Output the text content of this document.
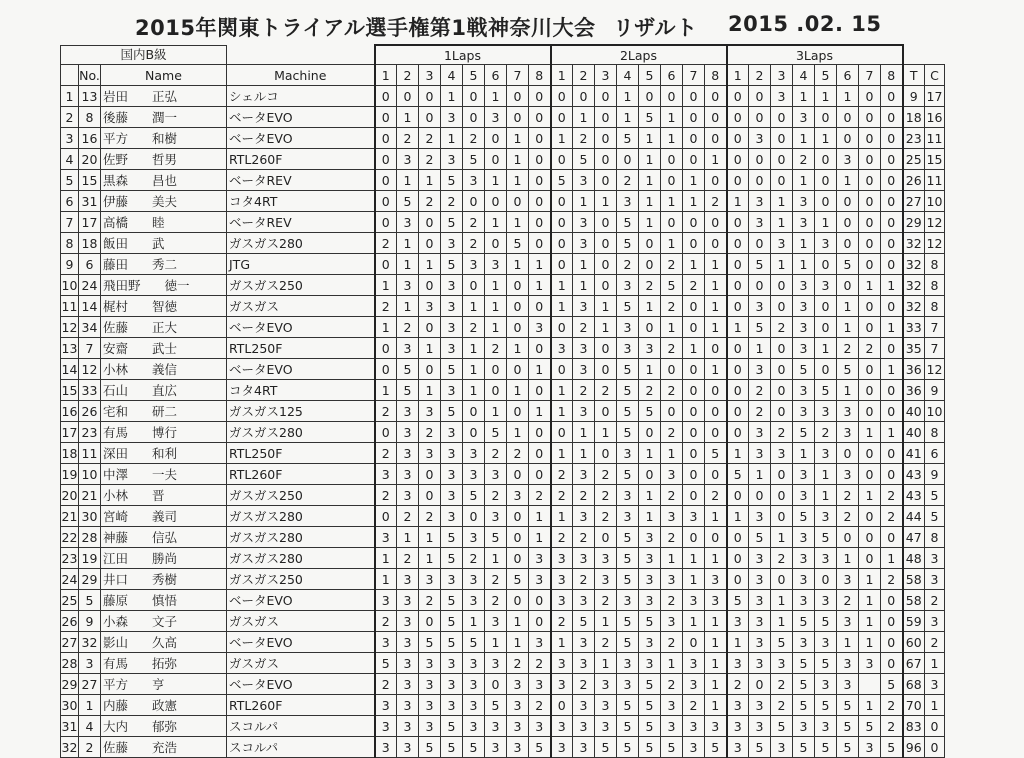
2015年関東トライアル選手権第1戦神奈川大会 リザルト 2015 .02. 15
国内B級				1Laps								2Laps								3Laps									
	No.	Name	Machine	1	2	3	4	5	6	7	8	1	2	3	4	5	6	7	8	1	2	3	4	5	6	7	8	T	C
1	13	岩田 正弘	シェルコ	0	0	0	1	0	1	0	0	0	0	0	1	0	0	0	0	0	0	3	1	1	1	0	0	9	17
2	8	後藤 潤一	ベータEVO	0	1	0	3	0	3	0	0	0	1	0	1	5	1	0	0	0	0	0	3	0	0	0	0	18	16
3	16	平方 和樹	ベータEVO	0	2	2	1	2	0	1	0	1	2	0	5	1	1	0	0	0	3	0	1	1	0	0	0	23	11
4	20	佐野 哲男	RTL260F	0	3	2	3	5	0	1	0	0	5	0	0	1	0	0	1	0	0	0	2	0	3	0	0	25	15
5	15	黒森 昌也	ベータREV	0	1	1	5	3	1	1	0	5	3	0	2	1	0	1	0	0	0	0	1	0	1	0	0	26	11
6	31	伊藤 美夫	コタ4RT	0	5	2	2	0	0	0	0	0	1	1	3	1	1	1	2	1	3	1	3	0	0	0	0	27	10
7	17	高橋 睦	ベータREV	0	3	0	5	2	1	1	0	0	3	0	5	1	0	0	0	0	3	1	3	1	0	0	0	29	12
8	18	飯田 武	ガスガス280	2	1	0	3	2	0	5	0	0	3	0	5	0	1	0	0	0	0	3	1	3	0	0	0	32	12
9	6	藤田 秀二	JTG	0	1	1	5	3	3	1	1	0	1	0	2	0	2	1	1	0	5	1	1	0	5	0	0	32	8
10	24	飛田野 徳一	ガスガス250	1	3	0	3	0	1	0	1	1	1	0	3	2	5	2	1	0	0	0	3	3	0	1	1	32	8
11	14	梶村 智徳	ガスガス	2	1	3	3	1	1	0	0	1	3	1	5	1	2	0	1	0	3	0	3	0	1	0	0	32	8
12	34	佐藤 正大	ベータEVO	1	2	0	3	2	1	0	3	0	2	1	3	0	1	0	1	1	5	2	3	0	1	0	1	33	7
13	7	安齋 武士	RTL250F	0	3	1	3	1	2	1	0	3	3	0	3	3	2	1	0	0	1	0	3	1	2	2	0	35	7
14	12	小林 義信	ベータEVO	0	5	0	5	1	0	0	1	0	3	0	5	1	0	0	1	0	3	0	5	0	5	0	1	36	12
15	33	石山 直広	コタ4RT	1	5	1	3	1	0	1	0	1	2	2	5	2	2	0	0	0	2	0	3	5	1	0	0	36	9
16	26	宅和 研二	ガスガス125	2	3	3	5	0	1	0	1	1	3	0	5	5	0	0	0	0	2	0	3	3	3	0	0	40	10
17	23	有馬 博行	ガスガス280	0	3	2	3	0	5	1	0	0	1	1	5	0	2	0	0	0	3	2	5	2	3	1	1	40	8
18	11	深田 和利	RTL250F	2	3	3	3	3	2	2	0	1	1	0	3	1	1	0	5	1	3	3	1	3	0	0	0	41	6
19	10	中澤 一夫	RTL260F	3	3	0	3	3	3	0	0	2	3	2	5	0	3	0	0	5	1	0	3	1	3	0	0	43	9
20	21	小林 晋	ガスガス250	2	3	0	3	5	2	3	2	2	2	2	3	1	2	0	2	0	0	0	3	1	2	1	2	43	5
21	30	宮崎 義司	ガスガス280	0	2	2	3	0	3	0	1	1	3	2	3	1	3	3	1	1	3	0	5	3	2	0	2	44	5
22	28	神藤 信弘	ガスガス280	3	1	1	5	3	5	0	1	2	2	0	5	3	2	0	0	0	5	1	3	5	0	0	0	47	8
23	19	江田 勝尚	ガスガス280	1	2	1	5	2	1	0	3	3	3	3	5	3	1	1	1	0	3	2	3	3	1	0	1	48	3
24	29	井口 秀樹	ガスガス250	1	3	3	3	3	2	5	3	3	2	3	5	3	3	1	3	0	3	0	3	0	3	1	2	58	3
25	5	藤原 慎悟	ベータEVO	3	3	2	5	3	2	0	0	3	3	2	3	3	2	3	3	5	3	1	3	3	2	1	0	58	2
26	9	小森 文子	ガスガス	2	3	0	5	1	3	1	0	2	5	1	5	5	3	1	1	3	3	1	5	5	3	1	0	59	3
27	32	影山 久高	ベータEVO	3	3	5	5	5	1	1	3	1	3	2	5	3	2	0	1	1	3	5	3	3	1	1	0	60	2
28	3	有馬 拓弥	ガスガス	5	3	3	3	3	3	2	2	3	3	1	3	3	1	3	1	3	3	3	5	5	3	3	0	67	1
29	27	平方 亨	ベータEVO	2	3	3	3	3	0	3	3	3	2	3	3	5	2	3	1	2	0	2	5	3	3		5	68	3
30	1	内藤 政憲	RTL260F	3	3	3	3	3	5	3	2	0	3	3	5	5	3	2	1	3	3	2	5	5	5	1	2	70	1
31	4	大内 郁弥	スコルパ	3	3	3	5	3	3	3	3	3	3	3	5	5	3	3	3	3	3	5	3	3	5	5	2	83	0
32	2	佐藤 充浩	スコルパ	3	3	5	5	5	3	3	5	3	3	5	5	5	5	3	5	3	5	3	5	5	5	3	5	96	0
